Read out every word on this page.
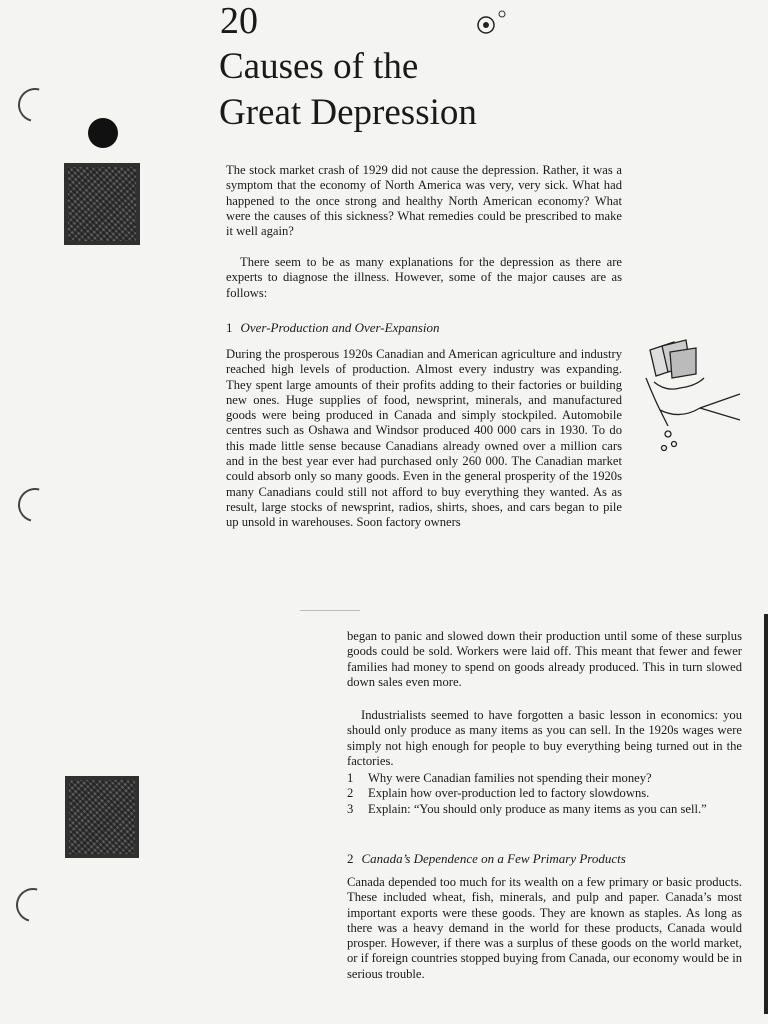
20
Causes of the
Great Depression

The stock market crash of 1929 did not cause the depression. Rather, it was a symptom that the economy of North America was very, very sick. What had happened to the once strong and healthy North American economy? What were the causes of this sickness? What remedies could be prescribed to make it well again?

There seem to be as many explanations for the depression as there are experts to diagnose the illness. However, some of the major causes are as follows:

1 Over-Production and Over-Expansion

During the prosperous 1920s Canadian and American agriculture and industry reached high levels of production. Almost every industry was expanding. They spent large amounts of their profits adding to their factories or building new ones. Huge supplies of food, newsprint, minerals, and manufactured goods were being produced in Canada and simply stockpiled. Automobile centres such as Oshawa and Windsor produced 400 000 cars in 1930. To do this made little sense because Canadians already owned over a million cars and in the best year ever had purchased only 260 000. The Canadian market could absorb only so many goods. Even in the general prosperity of the 1920s many Canadians could still not afford to buy everything they wanted. As as result, large stocks of newsprint, radios, shirts, shoes, and cars began to pile up unsold in warehouses. Soon factory owners

began to panic and slowed down their production until some of these surplus goods could be sold. Workers were laid off. This meant that fewer and fewer families had money to spend on goods already produced. This in turn slowed down sales even more.

Industrialists seemed to have forgotten a basic lesson in economics: you should only produce as many items as you can sell. In the 1920s wages were simply not high enough for people to buy everything being turned out in the factories.

1	Why were Canadian families not spending their money?
2	Explain how over-production led to factory slowdowns.
3	Explain: “You should only produce as many items as you can sell.”
2 Canada’s Dependence on a Few Primary Products

Canada depended too much for its wealth on a few primary or basic products. These included wheat, fish, minerals, and pulp and paper. Canada’s most important exports were these goods. They are known as staples. As long as there was a heavy demand in the world for these products, Canada would prosper. However, if there was a surplus of these goods on the world market, or if foreign countries stopped buying from Canada, our economy would be in serious trouble.
